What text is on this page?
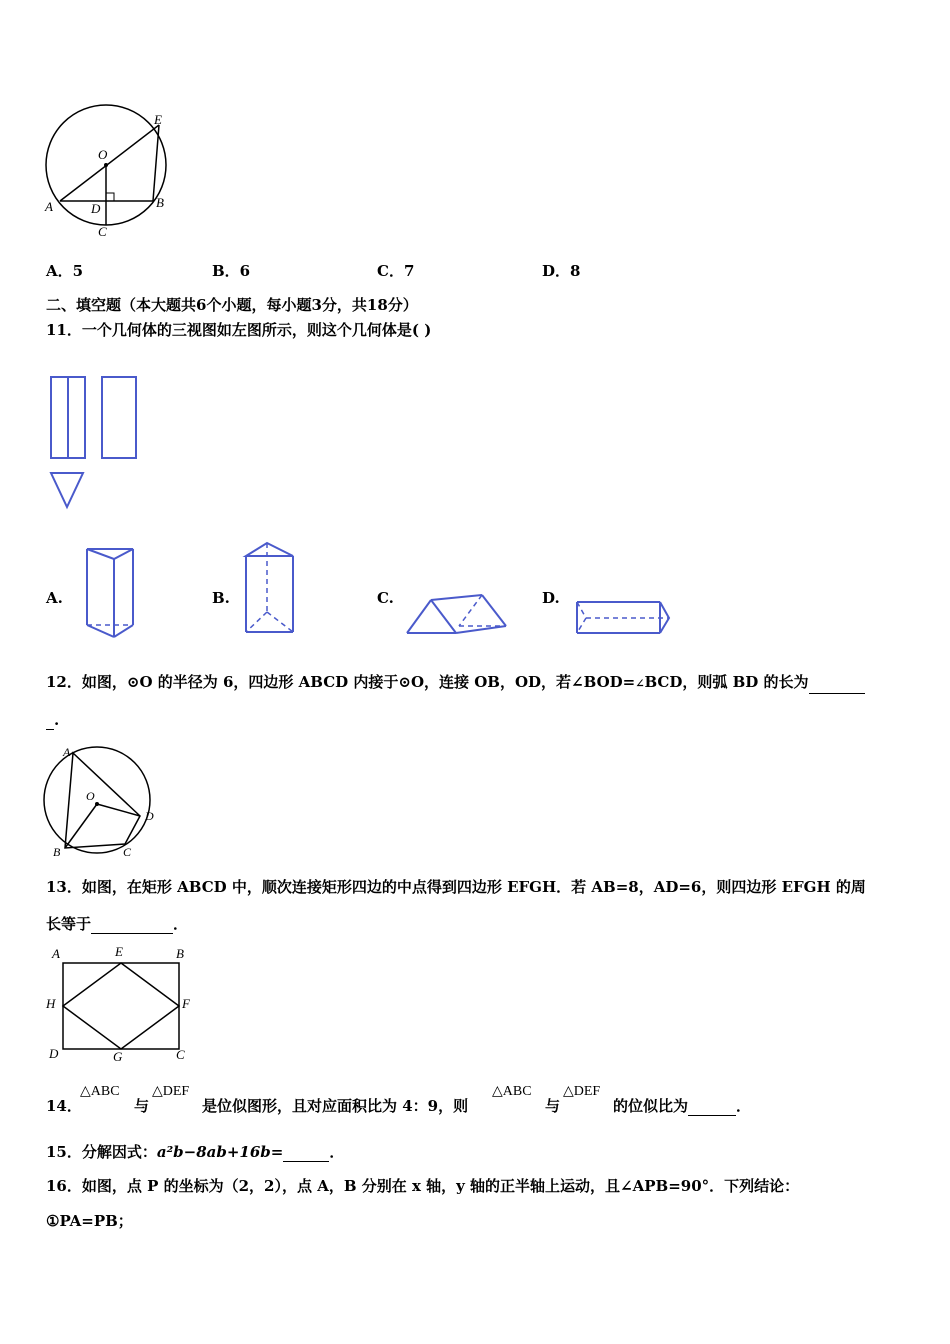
E
O
A	D	B
C
A．5	B．6	C．7	D．8
二、填空题（本大题共6个小题，每小题3分，共18分）
11．一个几何体的三视图如左图所示，则这个几何体是( )
A.	B.	C.	D.
12．如图，⊙O 的半径为 6，四边形 ABCD 内接于⊙O，连接 OB，OD，若∠BOD=∠BCD，则弧 BD 的长为
.
A
O
D
B	C
13．如图，在矩形 ABCD 中，顺次连接矩形四边的中点得到四边形 EFGH．若 AB=8，AD=6，则四边形 EFGH 的周
长等于	．
A	E	B
H	F
D	G	C
14．
△ABC
与
△DEF
是位似图形，且对应面积比为 4：9，则
△ABC
与
△DEF
的位似比为	．
15．分解因式：a²b−8ab+16b=	．
16．如图，点 P 的坐标为（2，2），点 A，B 分别在 x 轴，y 轴的正半轴上运动，且∠APB=90°．下列结论：
①PA=PB；
